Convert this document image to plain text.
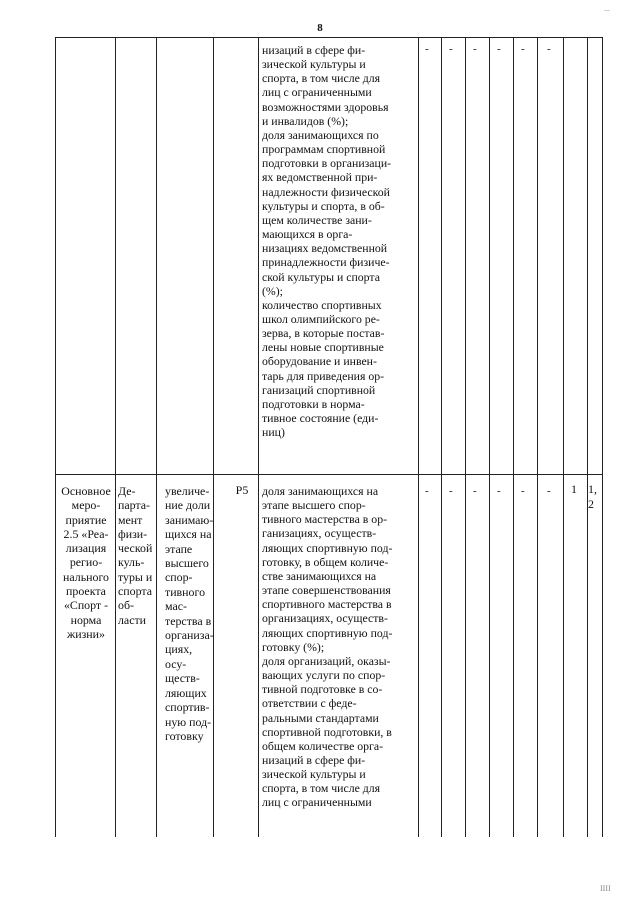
...
8
низаций в сфере фи-
зической культуры и
спорта, в том числе для
лиц с ограниченными
возможностями здоровья
и инвалидов (%);
доля занимающихся по
программам спортивной
подготовки в организаци-
ях ведомственной при-
надлежности физической
культуры и спорта, в об-
щем количестве зани-
мающихся в орга-
низациях ведомственной
принадлежности физиче-
ской культуры и спорта
(%);
количество спортивных
школ олимпийского ре-
зерва, в которые постав-
лены новые спортивные
оборудование и инвен-
тарь для приведения ор-
ганизаций спортивной
подготовки в норма-
тивное состояние (еди-
ниц)
- - - - - -
Основное
меро-
приятие
2.5 «Реа-
лизация
регио-
нального
проекта
«Спорт -
норма
жизни»
Де-
парта-
мент
физи-
ческой
куль-
туры и
спорта
об-
ласти
увеличе-
ние доли
занимаю-
щихся на
этапе
высшего
спор-
тивного
мас-
терства в
организа-
циях,
осу-
ществ-
ляющих
спортив-
ную под-
готовку
Р5	доля занимающихся на
этапе высшего спор-
тивного мастерства в ор-
ганизациях, осуществ-
ляющих спортивную под-
готовку, в общем количе-
стве занимающихся на
этапе совершенствования
спортивного мастерства в
организациях, осуществ-
ляющих спортивную под-
готовку (%);
доля организаций, оказы-
вающих услуги по спор-
тивной подготовке в со-
ответствии с феде-
ральными стандартами
спортивной подготовки, в
общем количестве орга-
низаций в сфере фи-
зической культуры и
спорта, в том числе для
лиц с ограниченными
- - - - - - 1 1, 2
IIII
